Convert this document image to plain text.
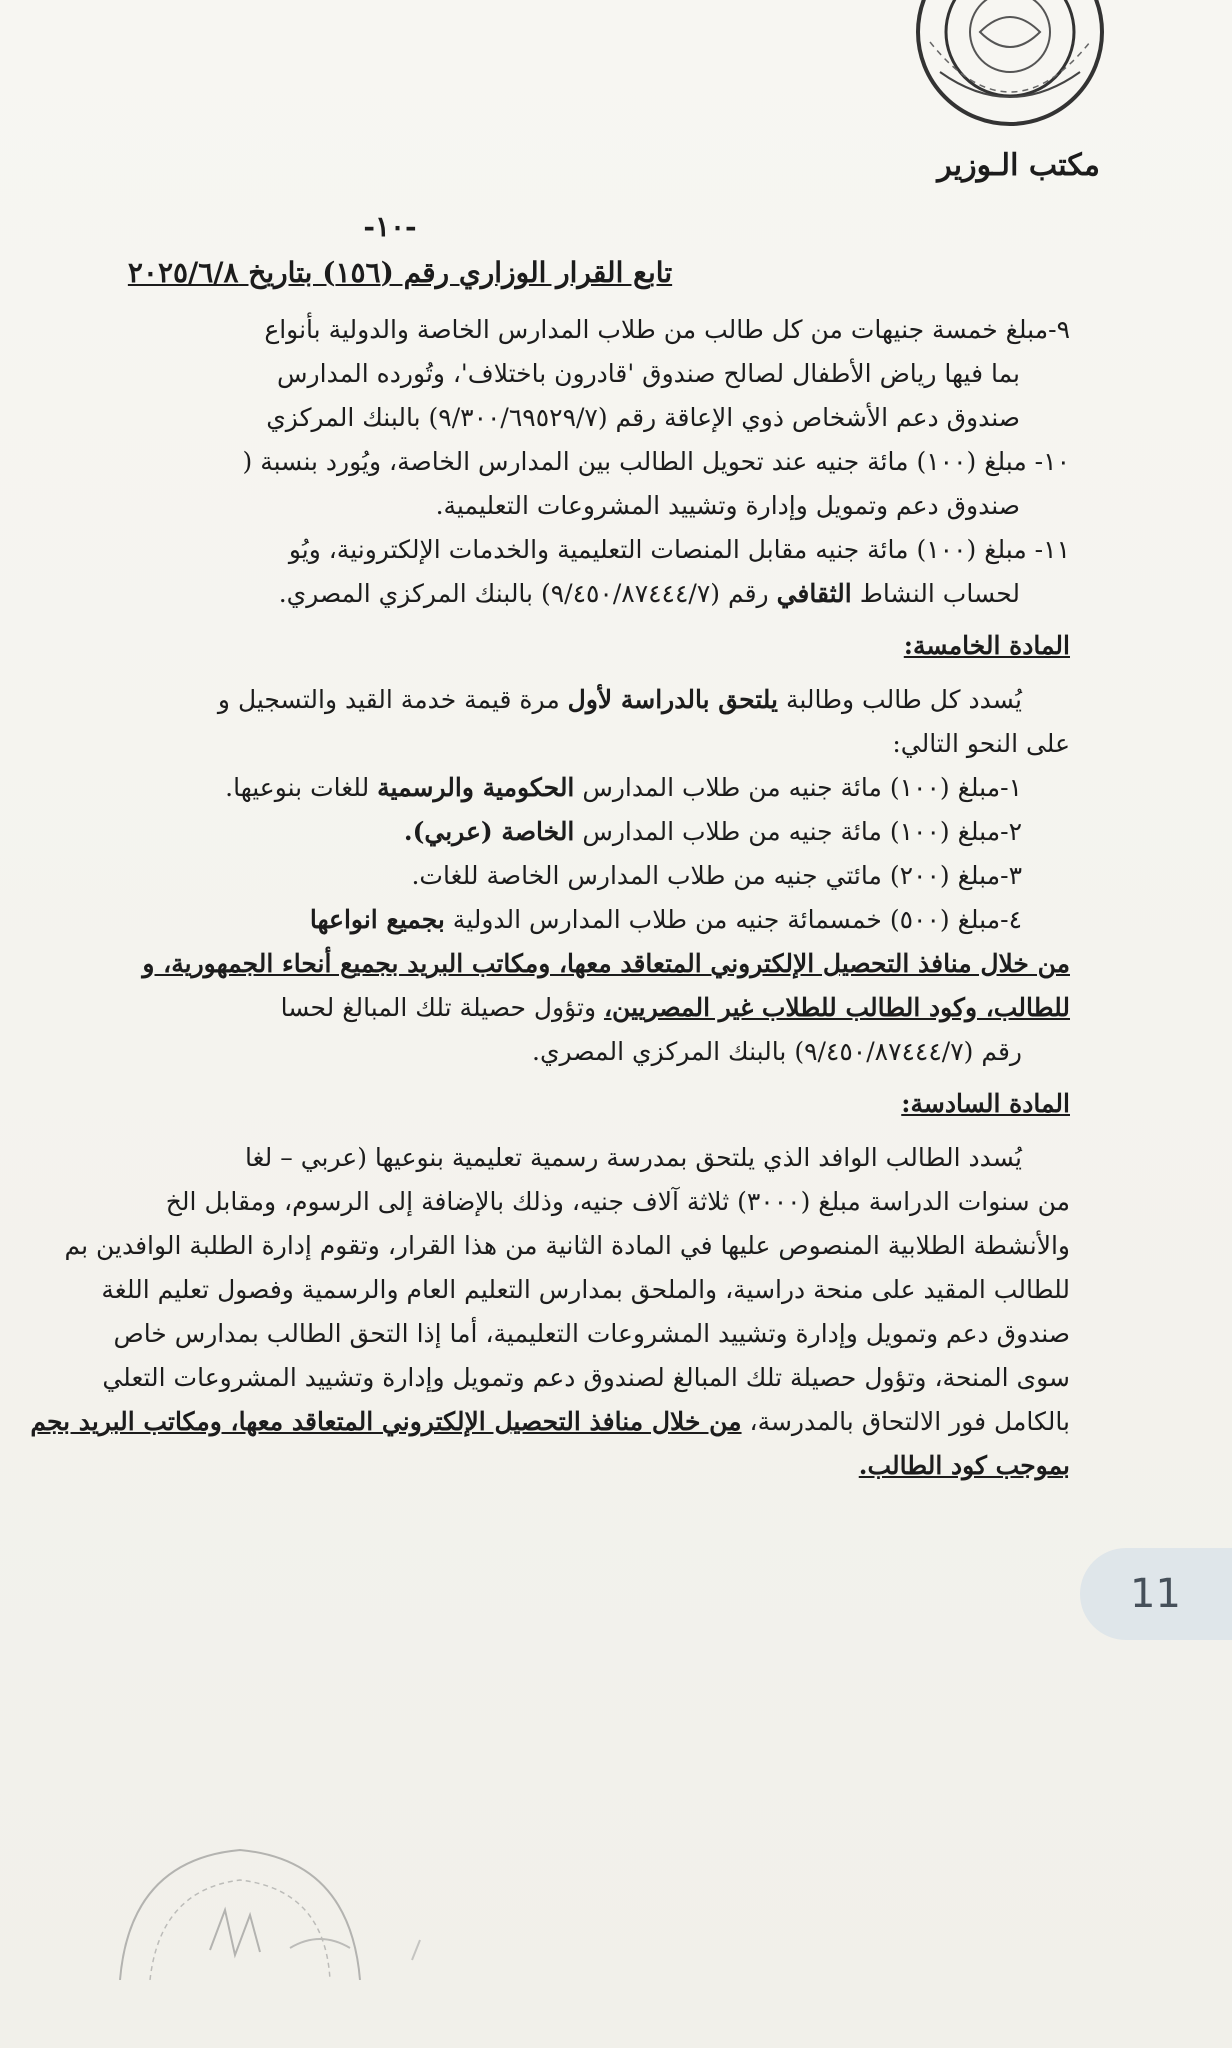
مكتب الـوزير
-١٠-
تابع القرار الوزاري رقم (١٥٦) بتاريخ ٢٠٢٥/٦/٨
٩-مبلغ خمسة جنيهات من كل طالب من طلاب المدارس الخاصة والدولية بأنواع
بما فيها رياض الأطفال لصالح صندوق 'قادرون باختلاف'، وتُورده المدارس
صندوق دعم الأشخاص ذوي الإعاقة رقم (٩/٣٠٠/٦٩٥٢٩/٧) بالبنك المركزي
١٠- مبلغ (١٠٠) مائة جنيه عند تحويل الطالب بين المدارس الخاصة، ويُورد بنسبة (
صندوق دعم وتمويل وإدارة وتشييد المشروعات التعليمية.
١١- مبلغ (١٠٠) مائة جنيه مقابل المنصات التعليمية والخدمات الإلكترونية، ويُو
لحساب النشاط الثقافي رقم (٩/٤٥٠/٨٧٤٤٤/٧) بالبنك المركزي المصري.
المادة الخامسة:
يُسدد كل طالب وطالبة يلتحق بالدراسة لأول مرة قيمة خدمة القيد والتسجيل و
على النحو التالي:
١-مبلغ (١٠٠) مائة جنيه من طلاب المدارس الحكومية والرسمية للغات بنوعيها.
٢-مبلغ (١٠٠) مائة جنيه من طلاب المدارس الخاصة (عربي).
٣-مبلغ (٢٠٠) مائتي جنيه من طلاب المدارس الخاصة للغات.
٤-مبلغ (٥٠٠) خمسمائة جنيه من طلاب المدارس الدولية بجميع انواعها
من خلال منافذ التحصيل الإلكتروني المتعاقد معها، ومكاتب البريد بجميع أنحاء الجمهورية، و
للطالب، وكود الطالب للطلاب غير المصريين، وتؤول حصيلة تلك المبالغ لحسا
رقم (٩/٤٥٠/٨٧٤٤٤/٧) بالبنك المركزي المصري.
المادة السادسة:
يُسدد الطالب الوافد الذي يلتحق بمدرسة رسمية تعليمية بنوعيها (عربي – لغا
من سنوات الدراسة مبلغ (٣٠٠٠) ثلاثة آلاف جنيه، وذلك بالإضافة إلى الرسوم، ومقابل الخ
والأنشطة الطلابية المنصوص عليها في المادة الثانية من هذا القرار، وتقوم إدارة الطلبة الوافدين بم
للطالب المقيد على منحة دراسية، والملحق بمدارس التعليم العام والرسمية وفصول تعليم اللغة
صندوق دعم وتمويل وإدارة وتشييد المشروعات التعليمية، أما إذا التحق الطالب بمدارس خاص
سوى المنحة، وتؤول حصيلة تلك المبالغ لصندوق دعم وتمويل وإدارة وتشييد المشروعات التعلي
بالكامل فور الالتحاق بالمدرسة، من خلال منافذ التحصيل الإلكتروني المتعاقد معها، ومكاتب البريد بجم
بموجب كود الطالب.
11
